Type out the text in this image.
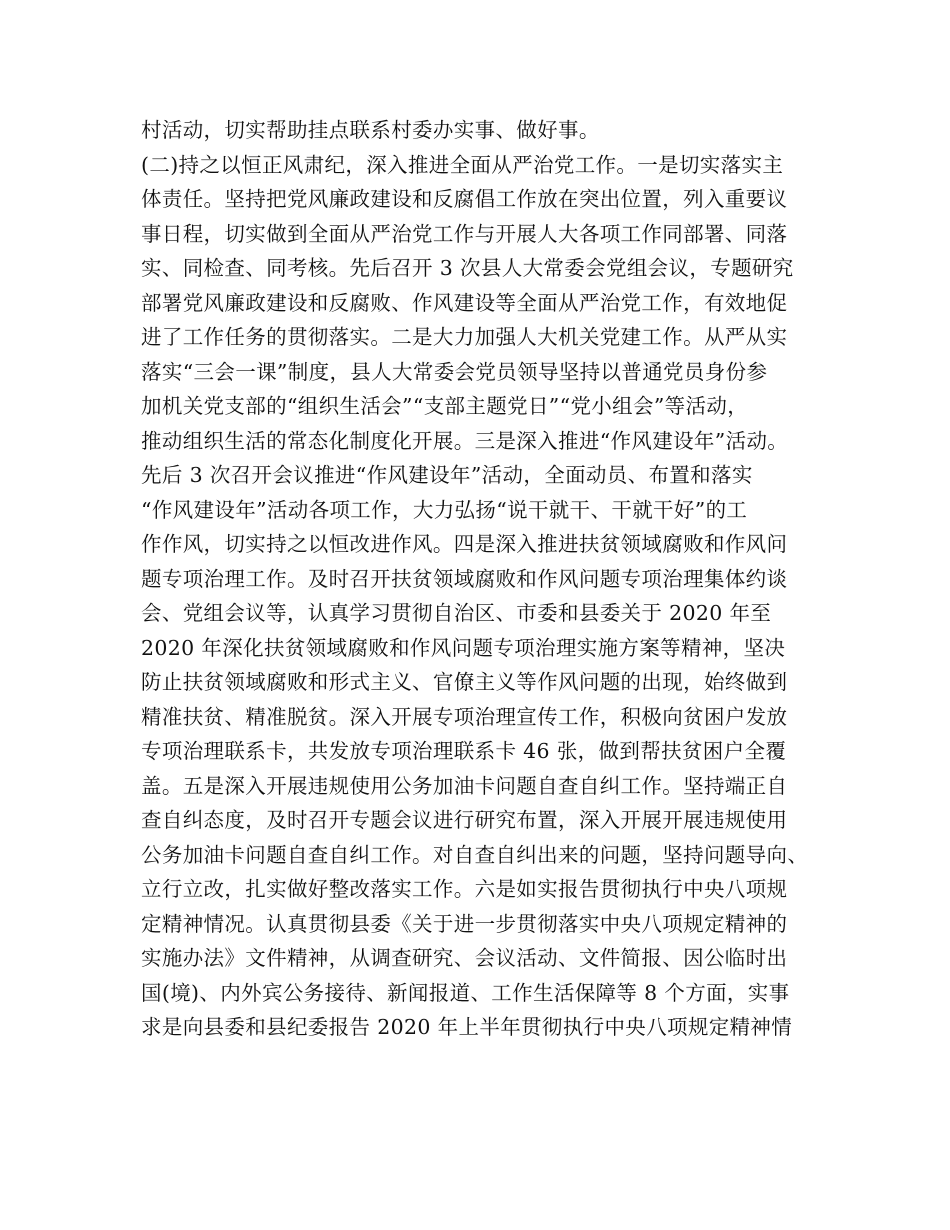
村活动，切实帮助挂点联系村委办实事、做好事。
(二)持之以恒正风肃纪，深入推进全面从严治党工作。一是切实落实主
体责任。坚持把党风廉政建设和反腐倡工作放在突出位置，列入重要议
事日程，切实做到全面从严治党工作与开展人大各项工作同部署、同落
实、同检查、同考核。先后召开 3 次县人大常委会党组会议，专题研究
部署党风廉政建设和反腐败、作风建设等全面从严治党工作，有效地促
进了工作任务的贯彻落实。二是大力加强人大机关党建工作。从严从实
落实“三会一课”制度，县人大常委会党员领导坚持以普通党员身份参
加机关党支部的“组织生活会”“支部主题党日”“党小组会”等活动，
推动组织生活的常态化制度化开展。三是深入推进“作风建设年”活动。
先后 3 次召开会议推进“作风建设年”活动，全面动员、布置和落实
“作风建设年”活动各项工作，大力弘扬“说干就干、干就干好”的工
作作风，切实持之以恒改进作风。四是深入推进扶贫领域腐败和作风问
题专项治理工作。及时召开扶贫领域腐败和作风问题专项治理集体约谈
会、党组会议等，认真学习贯彻自治区、市委和县委关于 2020 年至
2020 年深化扶贫领域腐败和作风问题专项治理实施方案等精神，坚决
防止扶贫领域腐败和形式主义、官僚主义等作风问题的出现，始终做到
精准扶贫、精准脱贫。深入开展专项治理宣传工作，积极向贫困户发放
专项治理联系卡，共发放专项治理联系卡 46 张，做到帮扶贫困户全覆
盖。五是深入开展违规使用公务加油卡问题自查自纠工作。坚持端正自
查自纠态度，及时召开专题会议进行研究布置，深入开展开展违规使用
公务加油卡问题自查自纠工作。对自查自纠出来的问题，坚持问题导向、
立行立改，扎实做好整改落实工作。六是如实报告贯彻执行中央八项规
定精神情况。认真贯彻县委《关于进一步贯彻落实中央八项规定精神的
实施办法》文件精神，从调查研究、会议活动、文件简报、因公临时出
国(境)、内外宾公务接待、新闻报道、工作生活保障等 8 个方面，实事
求是向县委和县纪委报告 2020 年上半年贯彻执行中央八项规定精神情
